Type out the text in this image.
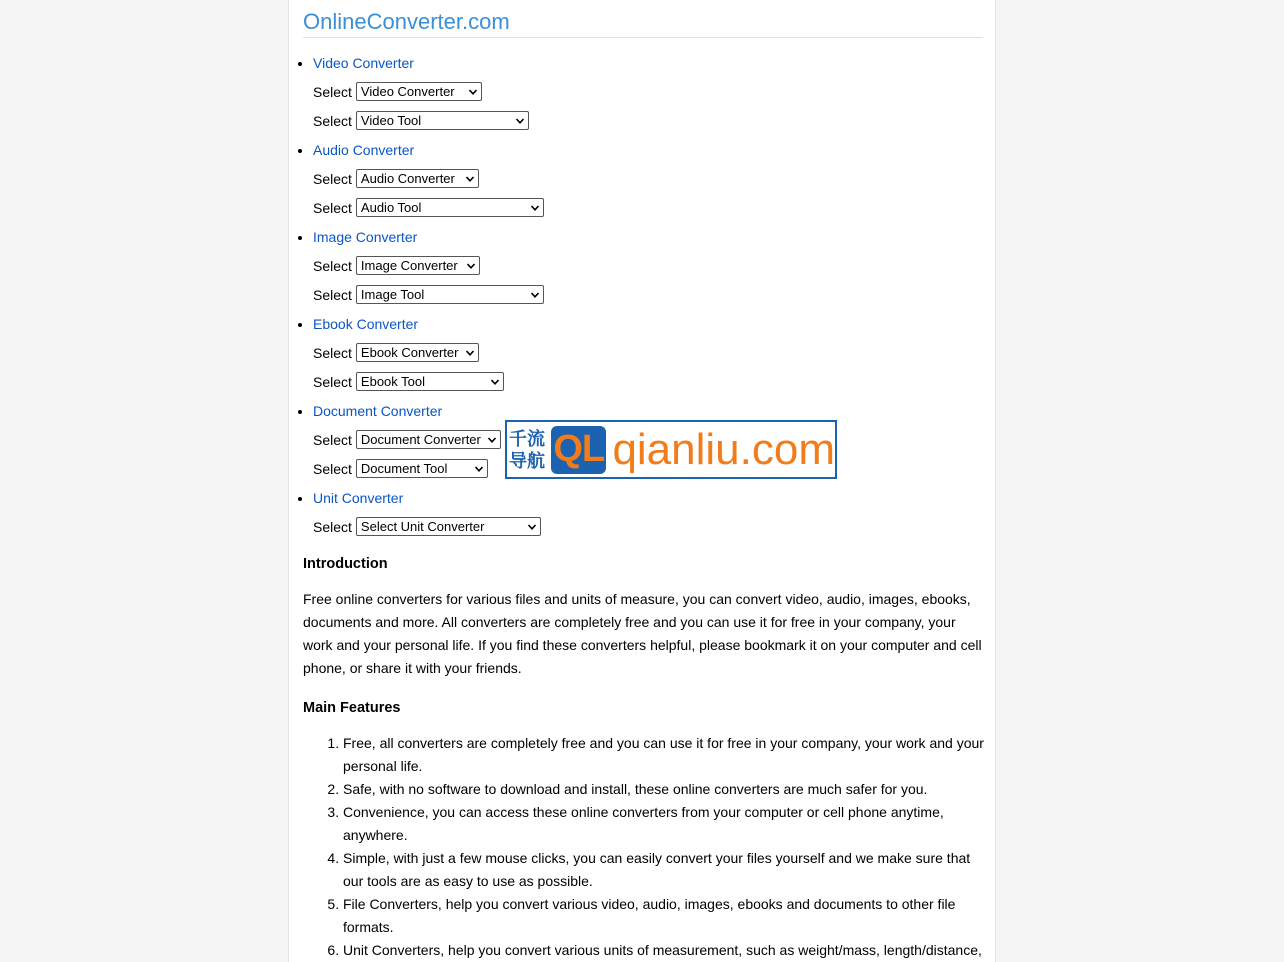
OnlineConverter.com
• Video Converter
Select Video Converter
Select Video Tool
• Audio Converter
Select Audio Converter
Select Audio Tool
• Image Converter
Select Image Converter
Select Image Tool
• Ebook Converter
Select Ebook Converter
Select Ebook Tool
• Document Converter
Select Document Converter
Select Document Tool
• Unit Converter
Select Select Unit Converter
千流
导航 QL qianliu.com
Introduction

Free online converters for various files and units of measure, you can convert video, audio, images, ebooks, documents and more. All converters are completely free and you can use it for free in your company, your work and your personal life. If you find these converters helpful, please bookmark it on your computer and cell phone, or share it with your friends.

Main Features
1. Free, all converters are completely free and you can use it for free in your company, your work and your personal life.
2. Safe, with no software to download and install, these online converters are much safer for you.
3. Convenience, you can access these online converters from your computer or cell phone anytime, anywhere.
4. Simple, with just a few mouse clicks, you can easily convert your files yourself and we make sure that our tools are as easy to use as possible.
5. File Converters, help you convert various video, audio, images, ebooks and documents to other file formats.
6. Unit Converters, help you convert various units of measurement, such as weight/mass, length/distance,
